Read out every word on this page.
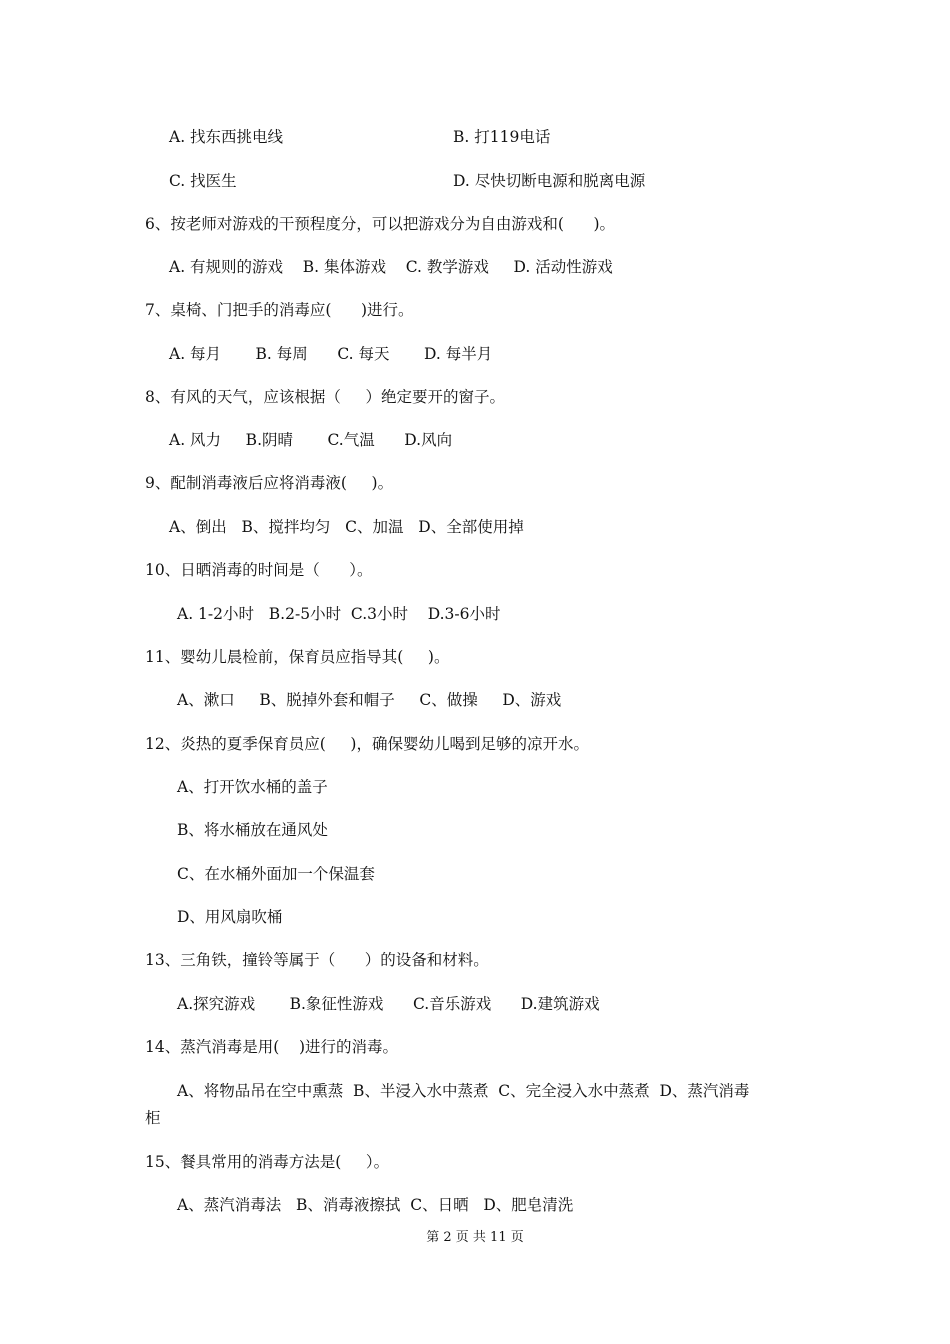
A. 找东西挑电线	B. 打119电话
C. 找医生	D. 尽快切断电源和脱离电源
6、按老师对游戏的干预程度分，可以把游戏分为自由游戏和(      )。
A. 有规则的游戏    B. 集体游戏    C. 教学游戏     D. 活动性游戏
7、桌椅、门把手的消毒应(      )进行。
A. 每月       B. 每周      C. 每天       D. 每半月
8、有风的天气，应该根据（     ）绝定要开的窗子。
A. 风力     B.阴晴       C.气温      D.风向
9、配制消毒液后应将消毒液(     )。
A、倒出   B、搅拌均匀   C、加温   D、全部使用掉
10、日晒消毒的时间是（      ）。
A. 1-2小时   B.2-5小时  C.3小时    D.3-6小时
11、婴幼儿晨检前，保育员应指导其(     )。
A、漱口     B、脱掉外套和帽子     C、做操     D、游戏
12、炎热的夏季保育员应(     )，确保婴幼儿喝到足够的凉开水。
A、打开饮水桶的盖子
B、将水桶放在通风处
C、在水桶外面加一个保温套
D、用风扇吹桶
13、三角铁，撞铃等属于（      ）的设备和材料。
A.探究游戏       B.象征性游戏      C.音乐游戏      D.建筑游戏
14、蒸汽消毒是用(    )进行的消毒。
A、将物品吊在空中熏蒸  B、半浸入水中蒸煮  C、完全浸入水中蒸煮  D、蒸汽消毒
柜
15、餐具常用的消毒方法是(     ）。
A、蒸汽消毒法   B、消毒液擦拭  C、日晒   D、肥皂清洗
第 2 页 共 11 页
